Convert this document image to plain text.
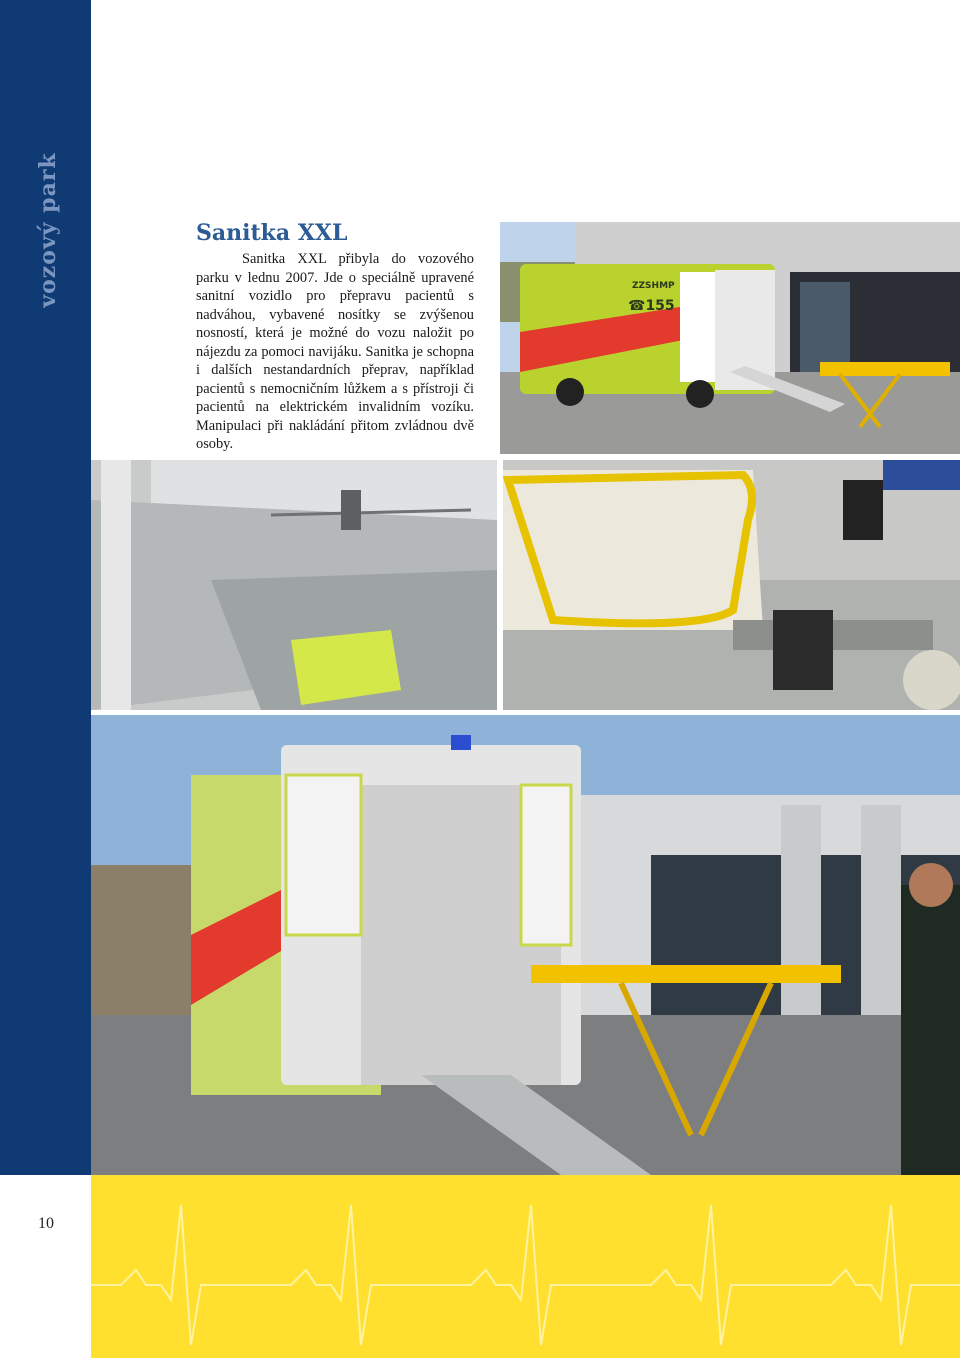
vozový park	Sanitka XXL

Sanitka XXL přibyla do vozového parku v lednu 2007. Jde o speciálně upravené sanitní vozidlo pro přepravu pacientů s nadváhou, vybavené nosítky se zvýšenou nosností, která je možné do vozu naložit po nájezdu za pomoci navijáku. Sanitka je schopna i dalších nestandardních přeprav, například pacientů s nemocničním lůžkem a s přístroji či pacientů na elektrickém invalidním vozíku. Manipulaci při nakládání přitom zvládnou dvě osoby.

ZZSHMP
☎155
10
